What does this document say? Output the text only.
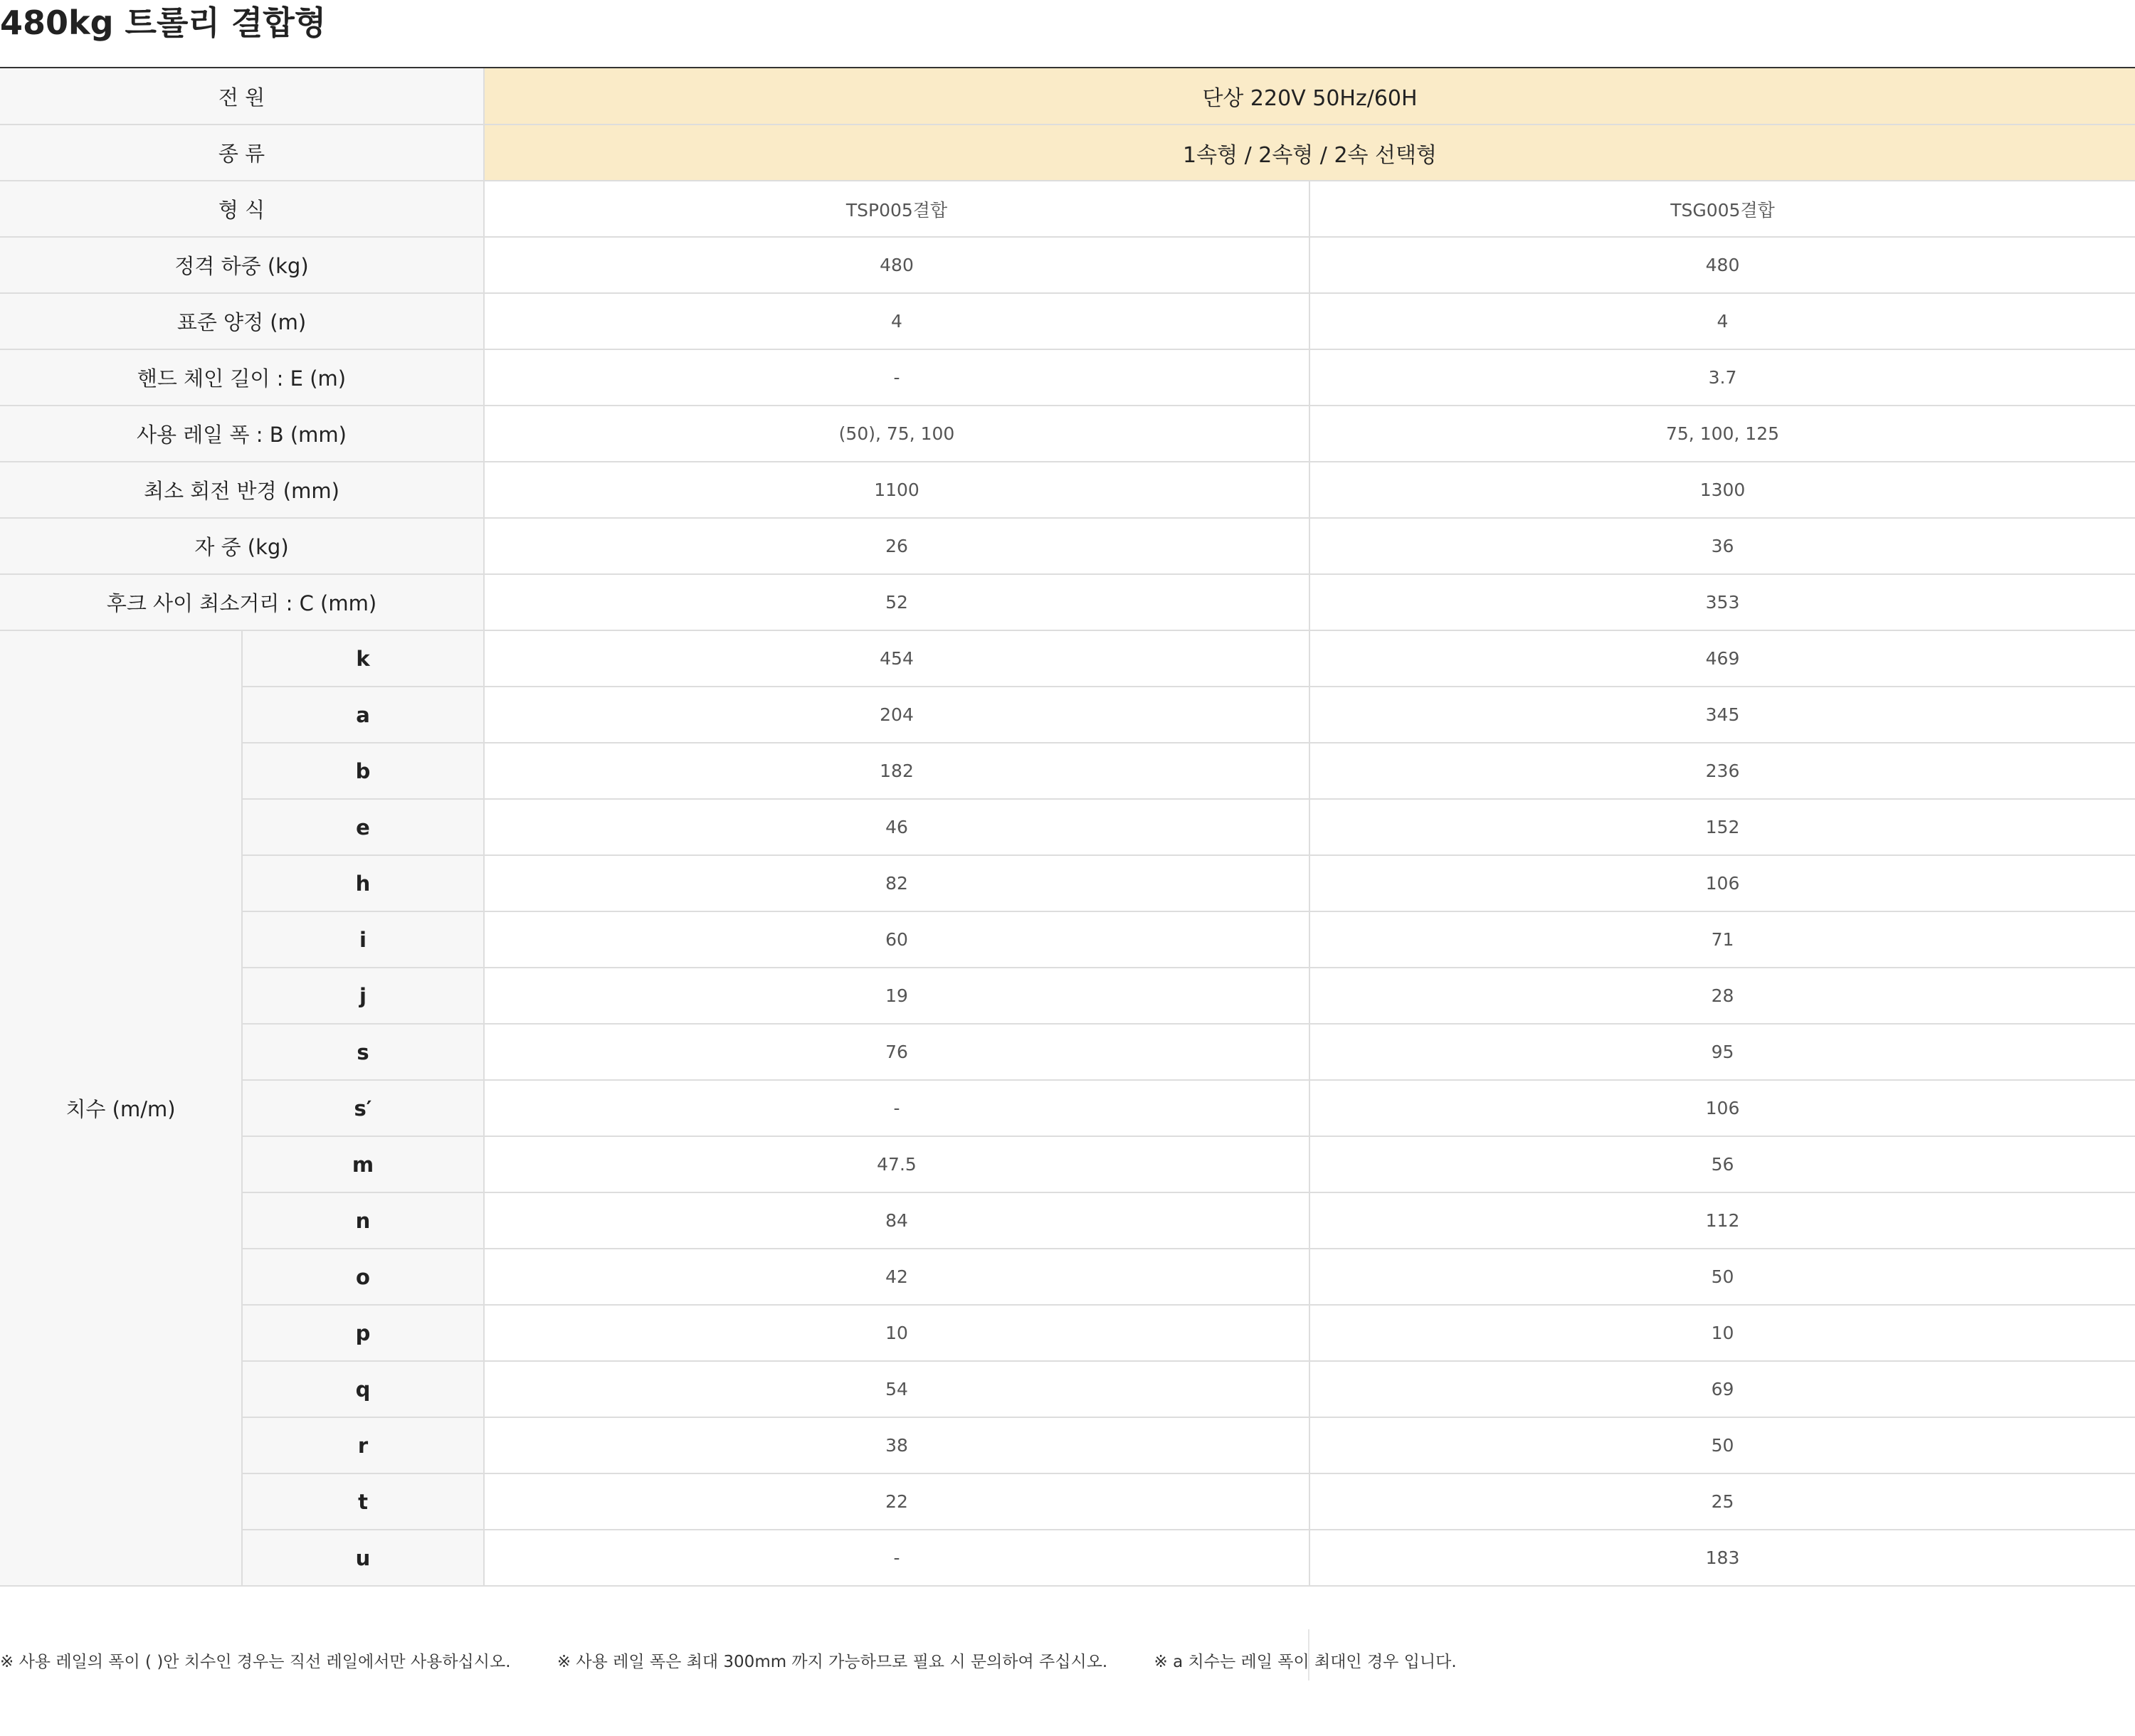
480kg 트롤리 결합형
전 원		단상 220V 50Hz/60H	
종 류		1속형 / 2속형 / 2속 선택형	
형 식		TSP005결합	TSG005결합
정격 하중 (kg)		480	480
표준 양정 (m)		4	4
핸드 체인 길이 : E (m)		-	3.7
사용 레일 폭 : B (mm)		(50), 75, 100	75, 100, 125
최소 회전 반경 (mm)		1100	1300
자 중 (kg)		26	36
후크 사이 최소거리 : C (mm)		52	353
치수 (m/m)	k	454	469
	a	204	345
	b	182	236
	e	46	152
	h	82	106
	i	60	71
	j	19	28
	s	76	95
	s′	-	106
	m	47.5	56
	n	84	112
	o	42	50
	p	10	10
	q	54	69
	r	38	50
	t	22	25
	u	-	183
※ 사용 레일의 폭이 ( )안 치수인 경우는 직선 레일에서만 사용하십시오.	※ 사용 레일 폭은 최대 300mm 까지 가능하므로 필요 시 문의하여 주십시오.	※ a 치수는 레일 폭이 최대인 경우 입니다.
